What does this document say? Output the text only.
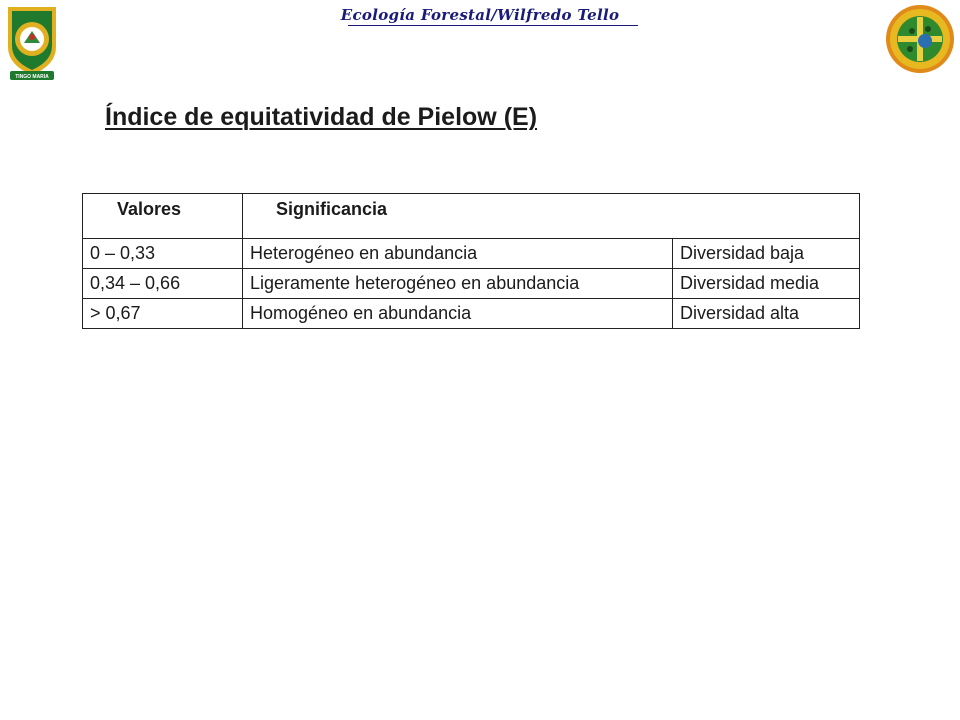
TINGO MARIA
Ecología Forestal/Wilfredo Tello
Índice de equitatividad de Pielow (E)
Valores	Significancia	
0 – 0,33	Heterogéneo en abundancia	Diversidad baja
0,34 – 0,66	Ligeramente heterogéneo en abundancia	Diversidad media
> 0,67	Homogéneo en abundancia	Diversidad alta
